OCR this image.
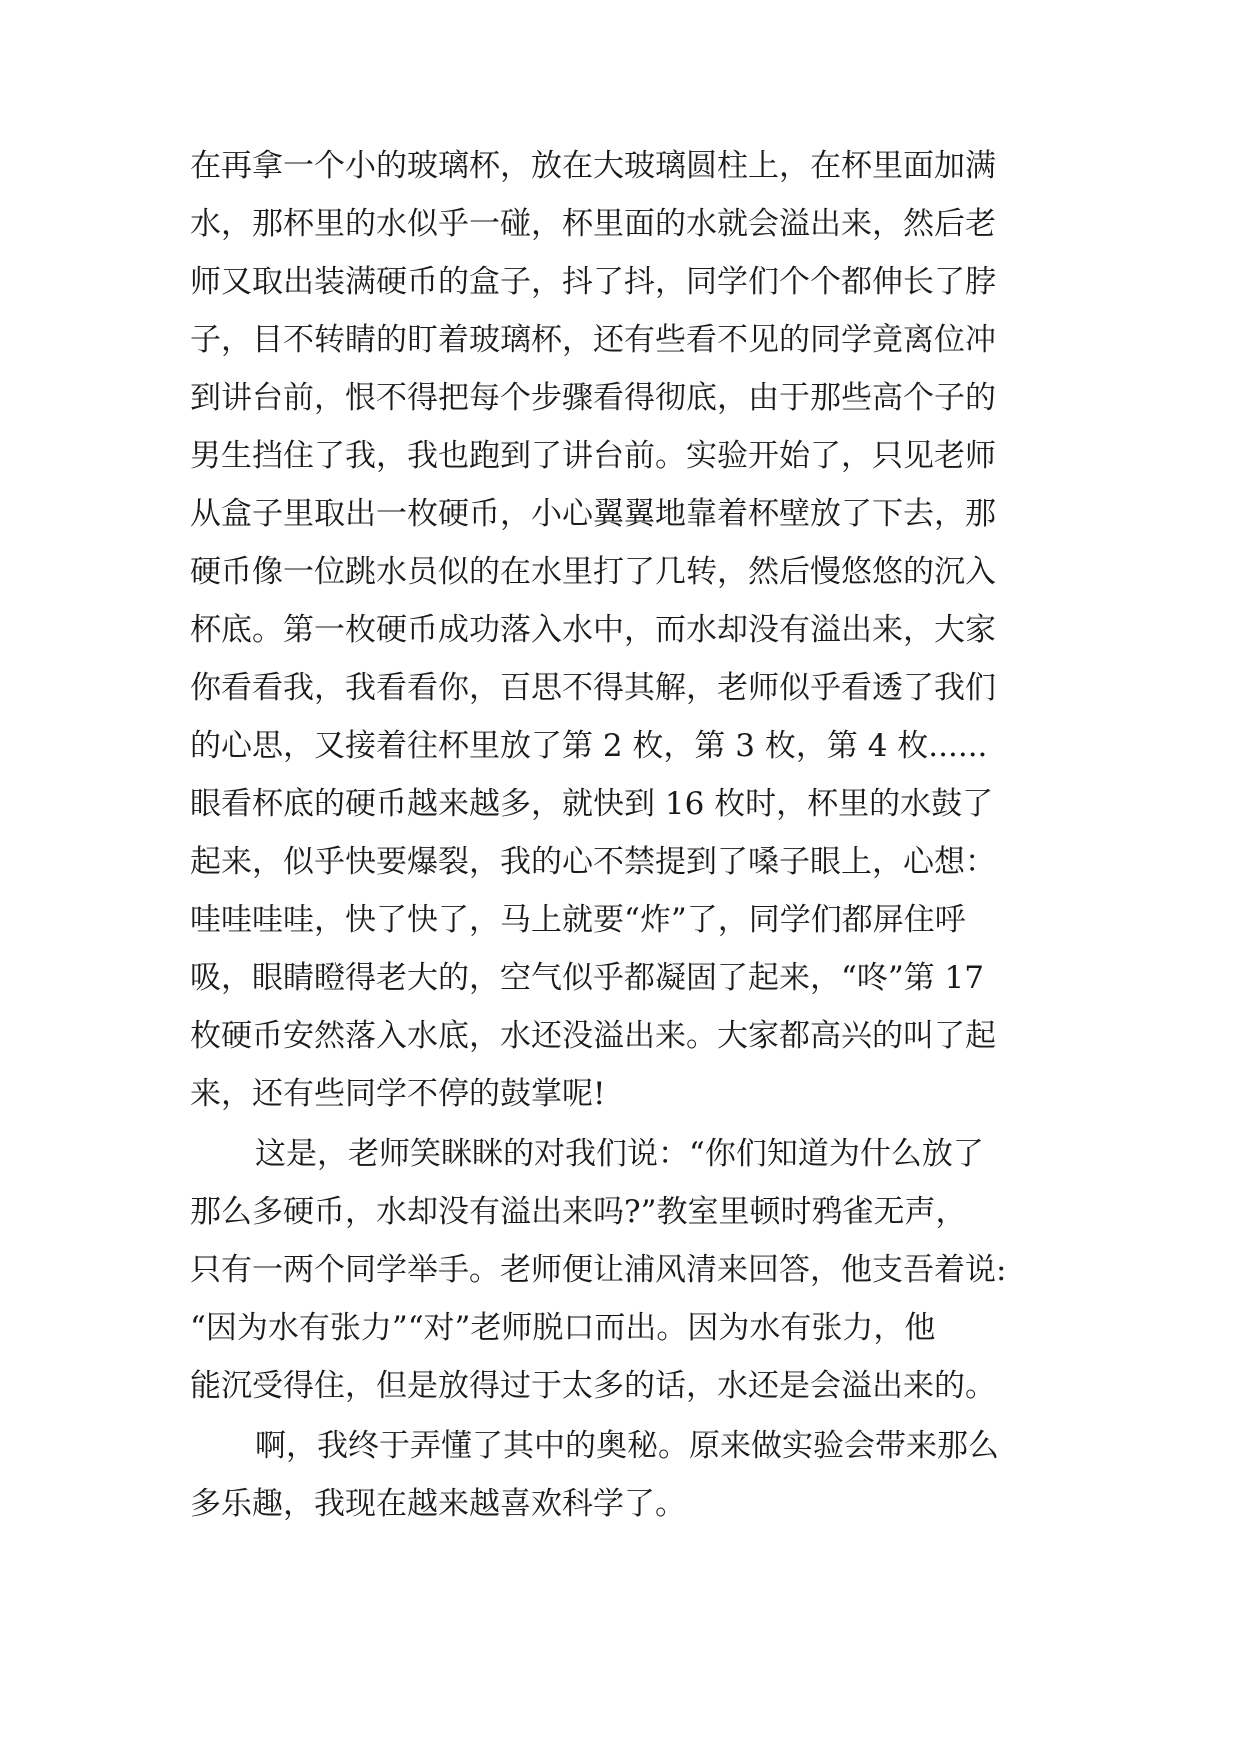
在再拿一个小的玻璃杯，放在大玻璃圆柱上，在杯里面加满
水，那杯里的水似乎一碰，杯里面的水就会溢出来，然后老
师又取出装满硬币的盒子，抖了抖，同学们个个都伸长了脖
子，目不转睛的盯着玻璃杯，还有些看不见的同学竟离位冲
到讲台前，恨不得把每个步骤看得彻底，由于那些高个子的
男生挡住了我，我也跑到了讲台前。实验开始了，只见老师
从盒子里取出一枚硬币，小心翼翼地靠着杯壁放了下去，那
硬币像一位跳水员似的在水里打了几转，然后慢悠悠的沉入
杯底。第一枚硬币成功落入水中，而水却没有溢出来，大家
你看看我，我看看你，百思不得其解，老师似乎看透了我们
的心思，又接着往杯里放了第 2 枚，第 3 枚，第 4 枚......
眼看杯底的硬币越来越多，就快到 16 枚时，杯里的水鼓了
起来，似乎快要爆裂，我的心不禁提到了嗓子眼上，心想：
哇哇哇哇，快了快了，马上就要“炸”了，同学们都屏住呼
吸，眼睛瞪得老大的，空气似乎都凝固了起来，“咚”第 17
枚硬币安然落入水底，水还没溢出来。大家都高兴的叫了起
来，还有些同学不停的鼓掌呢!
这是，老师笑眯眯的对我们说：“你们知道为什么放了
那么多硬币，水却没有溢出来吗?”教室里顿时鸦雀无声，
只有一两个同学举手。老师便让浦风清来回答，他支吾着说:
“因为水有张力”“对”老师脱口而出。因为水有张力，他
能沉受得住，但是放得过于太多的话，水还是会溢出来的。
啊，我终于弄懂了其中的奥秘。原来做实验会带来那么
多乐趣，我现在越来越喜欢科学了。
